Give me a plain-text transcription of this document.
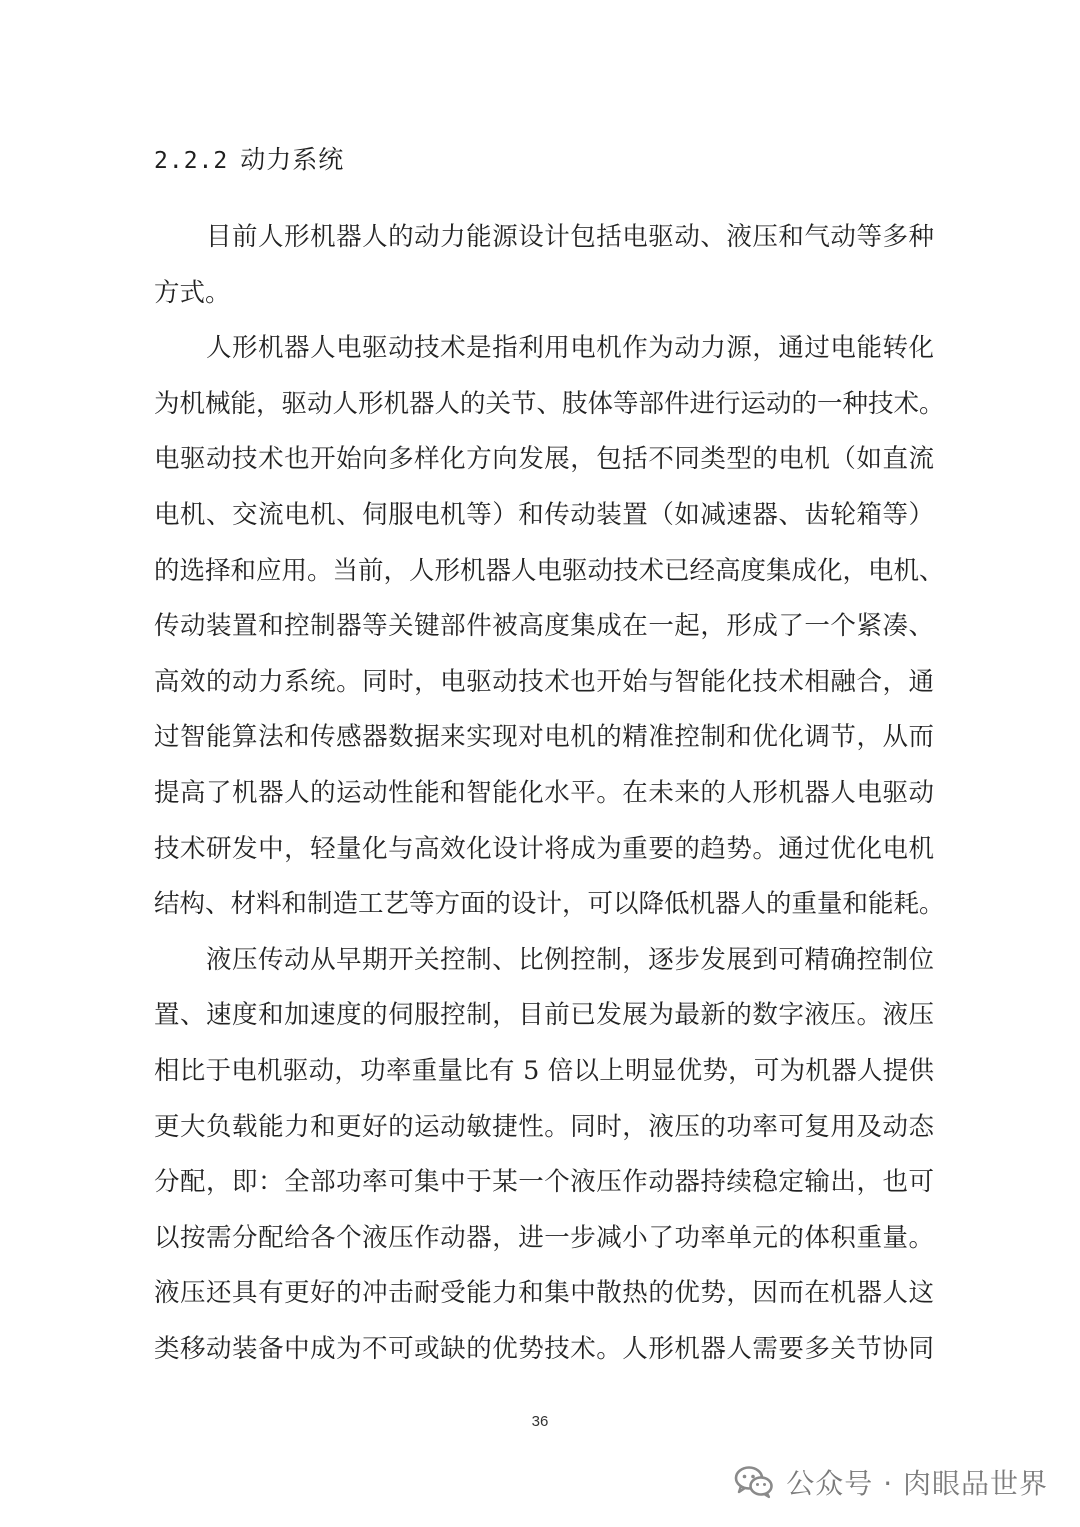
2.2.2 动力系统
目前人形机器人的动力能源设计包括电驱动、液压和气动等多种
方式。
人形机器人电驱动技术是指利用电机作为动力源，通过电能转化
为机械能，驱动人形机器人的关节、肢体等部件进行运动的一种技术。
电驱动技术也开始向多样化方向发展，包括不同类型的电机（如直流
电机、交流电机、伺服电机等）和传动装置（如减速器、齿轮箱等）
的选择和应用。当前，人形机器人电驱动技术已经高度集成化，电机、
传动装置和控制器等关键部件被高度集成在一起，形成了一个紧凑、
高效的动力系统。同时，电驱动技术也开始与智能化技术相融合，通
过智能算法和传感器数据来实现对电机的精准控制和优化调节，从而
提高了机器人的运动性能和智能化水平。在未来的人形机器人电驱动
技术研发中，轻量化与高效化设计将成为重要的趋势。通过优化电机
结构、材料和制造工艺等方面的设计，可以降低机器人的重量和能耗。
液压传动从早期开关控制、比例控制，逐步发展到可精确控制位
置、速度和加速度的伺服控制，目前已发展为最新的数字液压。液压
相比于电机驱动，功率重量比有 5 倍以上明显优势，可为机器人提供
更大负载能力和更好的运动敏捷性。同时，液压的功率可复用及动态
分配，即：全部功率可集中于某一个液压作动器持续稳定输出，也可
以按需分配给各个液压作动器，进一步减小了功率单元的体积重量。
液压还具有更好的冲击耐受能力和集中散热的优势，因而在机器人这
类移动装备中成为不可或缺的优势技术。人形机器人需要多关节协同
36
公众号 · 肉眼品世界
